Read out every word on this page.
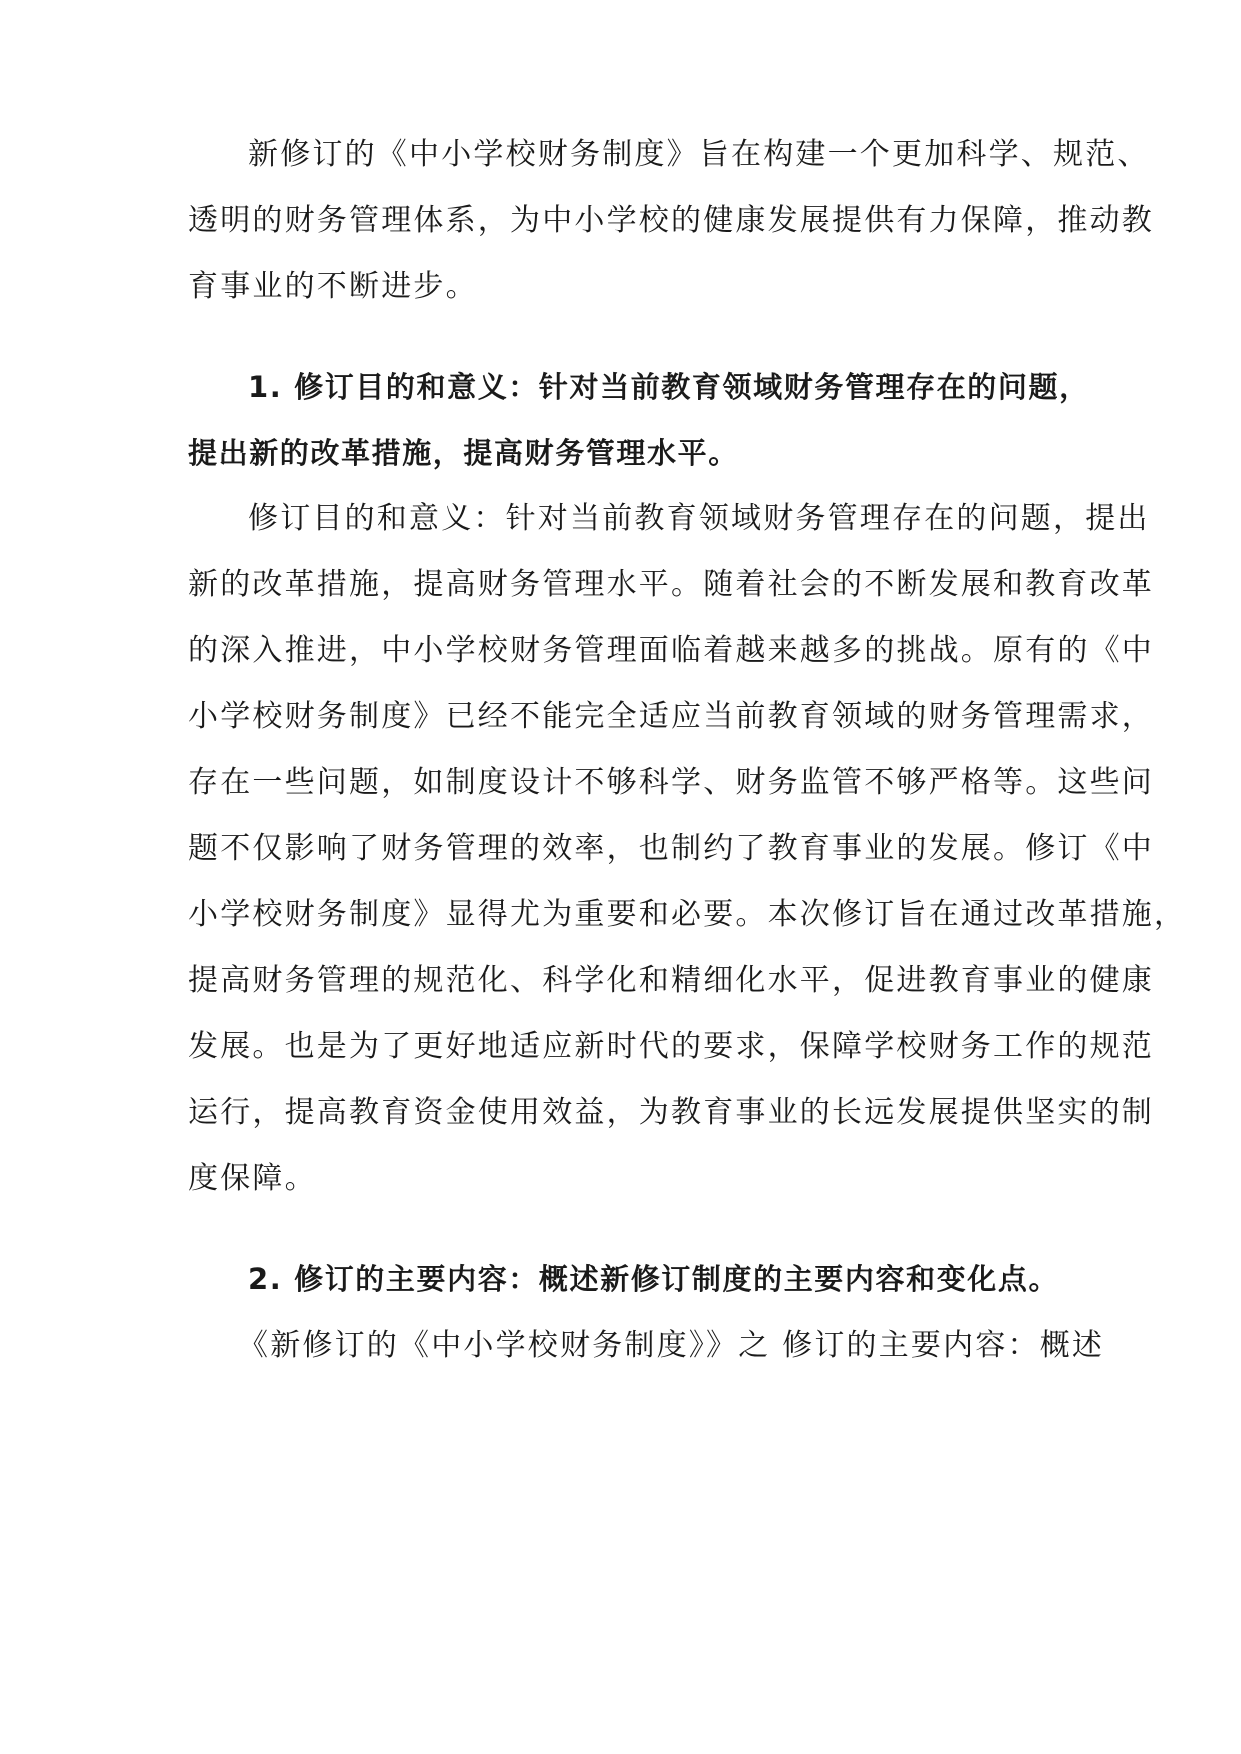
新修订的《中小学校财务制度》旨在构建一个更加科学、规范、
透明的财务管理体系，为中小学校的健康发展提供有力保障，推动教
育事业的不断进步。
1. 修订目的和意义：针对当前教育领域财务管理存在的问题，
提出新的改革措施，提高财务管理水平。
修订目的和意义：针对当前教育领域财务管理存在的问题，提出
新的改革措施，提高财务管理水平。随着社会的不断发展和教育改革
的深入推进，中小学校财务管理面临着越来越多的挑战。原有的《中
小学校财务制度》已经不能完全适应当前教育领域的财务管理需求，
存在一些问题，如制度设计不够科学、财务监管不够严格等。这些问
题不仅影响了财务管理的效率，也制约了教育事业的发展。修订《中
小学校财务制度》显得尤为重要和必要。本次修订旨在通过改革措施，
提高财务管理的规范化、科学化和精细化水平，促进教育事业的健康
发展。也是为了更好地适应新时代的要求，保障学校财务工作的规范
运行，提高教育资金使用效益，为教育事业的长远发展提供坚实的制
度保障。
2. 修订的主要内容：概述新修订制度的主要内容和变化点。
《新修订的《中小学校财务制度》》之 修订的主要内容：概述
